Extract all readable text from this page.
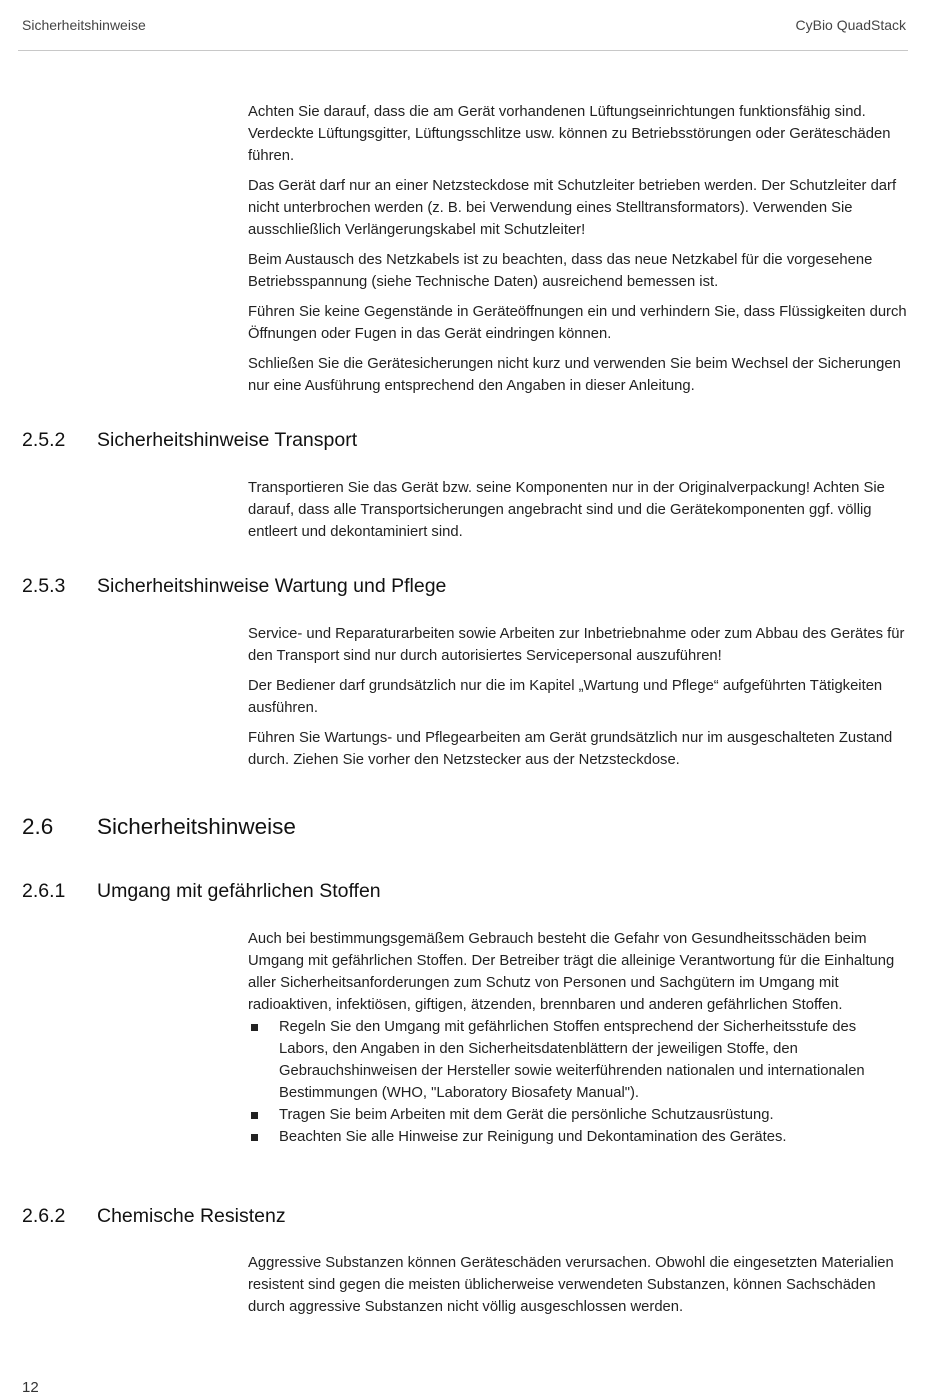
Sicherheitshinweise	CyBio QuadStack

Achten Sie darauf, dass die am Gerät vorhandenen Lüftungseinrichtungen funktionsfähig sind. Verdeckte Lüftungsgitter, Lüftungsschlitze usw. können zu Betriebsstörungen oder Geräteschäden führen.

Das Gerät darf nur an einer Netzsteckdose mit Schutzleiter betrieben werden. Der Schutzleiter darf nicht unterbrochen werden (z. B. bei Verwendung eines Stelltransformators). Verwenden Sie ausschließlich Verlängerungskabel mit Schutzleiter!

Beim Austausch des Netzkabels ist zu beachten, dass das neue Netzkabel für die vorgesehene Betriebsspannung (siehe Technische Daten) ausreichend bemessen ist.

Führen Sie keine Gegenstände in Geräteöffnungen ein und verhindern Sie, dass Flüssigkeiten durch Öffnungen oder Fugen in das Gerät eindringen können.

Schließen Sie die Gerätesicherungen nicht kurz und verwenden Sie beim Wechsel der Sicherungen nur eine Ausführung entsprechend den Angaben in dieser Anleitung.

2.5.2 Sicherheitshinweise Transport

Transportieren Sie das Gerät bzw. seine Komponenten nur in der Originalverpackung! Achten Sie darauf, dass alle Transportsicherungen angebracht sind und die Gerätekomponenten ggf. völlig entleert und dekontaminiert sind.

2.5.3 Sicherheitshinweise Wartung und Pflege

Service- und Reparaturarbeiten sowie Arbeiten zur Inbetriebnahme oder zum Abbau des Gerätes für den Transport sind nur durch autorisiertes Servicepersonal auszuführen!

Der Bediener darf grundsätzlich nur die im Kapitel „Wartung und Pflege“ aufgeführten Tätigkeiten ausführen.

Führen Sie Wartungs- und Pflegearbeiten am Gerät grundsätzlich nur im ausgeschalteten Zustand durch. Ziehen Sie vorher den Netzstecker aus der Netzsteckdose.

2.6 Sicherheitshinweise
2.6.1 Umgang mit gefährlichen Stoffen

Auch bei bestimmungsgemäßem Gebrauch besteht die Gefahr von Gesundheitsschäden beim Umgang mit gefährlichen Stoffen. Der Betreiber trägt die alleinige Verantwortung für die Einhaltung aller Sicherheitsanforderungen zum Schutz von Personen und Sachgütern im Umgang mit radioaktiven, infektiösen, giftigen, ätzenden, brennbaren und anderen gefährlichen Stoffen.

Regeln Sie den Umgang mit gefährlichen Stoffen entsprechend der Sicherheitsstufe des Labors, den Angaben in den Sicherheitsdatenblättern der jeweiligen Stoffe, den Gebrauchshinweisen der Hersteller sowie weiterführenden nationalen und internationalen Bestimmungen (WHO, "Laboratory Biosafety Manual").
Tragen Sie beim Arbeiten mit dem Gerät die persönliche Schutzausrüstung.
Beachten Sie alle Hinweise zur Reinigung und Dekontamination des Gerätes.
2.6.2 Chemische Resistenz

Aggressive Substanzen können Geräteschäden verursachen. Obwohl die eingesetzten Materialien resistent sind gegen die meisten üblicherweise verwendeten Substanzen, können Sachschäden durch aggressive Substanzen nicht völlig ausgeschlossen werden.

12
